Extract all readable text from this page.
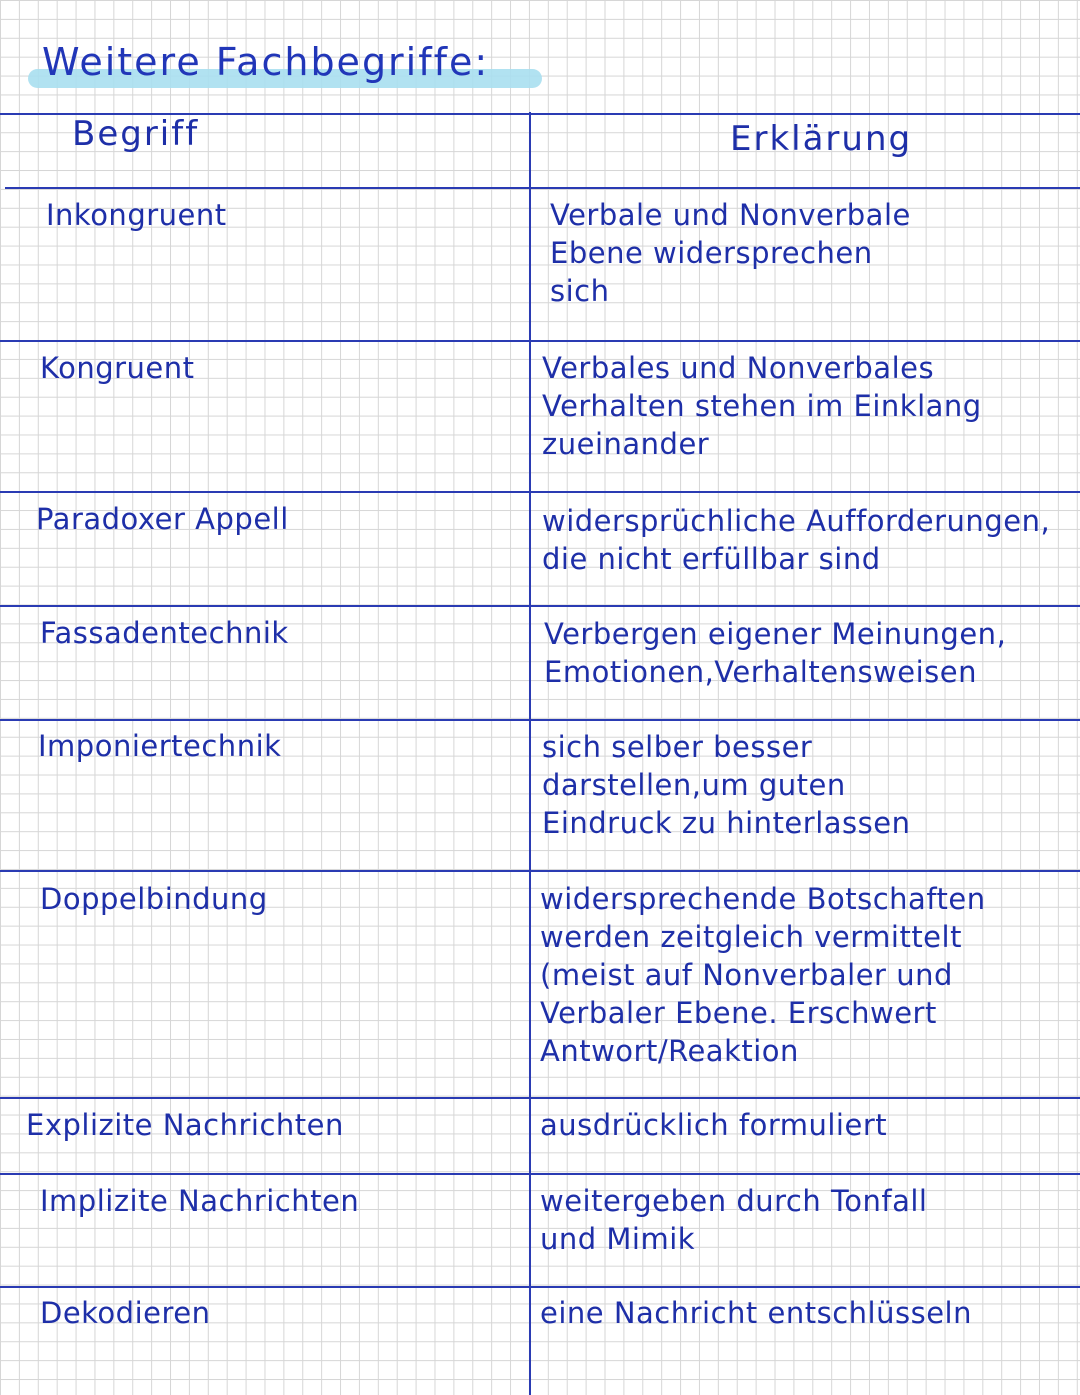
Weitere Fachbegriffe:
Begriff	Erklärung
Inkongruent	Verbale und Nonverbale
Ebene widersprechen
sich
Kongruent	Verbales und Nonverbales
Verhalten stehen im Einklang
zueinander
Paradoxer Appell	widersprüchliche Aufforderungen,
die nicht erfüllbar sind
Fassadentechnik	Verbergen eigener Meinungen,
Emotionen,Verhaltensweisen
Imponiertechnik	sich selber besser
darstellen,um guten
Eindruck zu hinterlassen
Doppelbindung	widersprechende Botschaften
werden zeitgleich vermittelt
(meist auf Nonverbaler und
Verbaler Ebene. Erschwert
Antwort/Reaktion
Explizite Nachrichten	ausdrücklich formuliert
Implizite Nachrichten	weitergeben durch Tonfall
und Mimik
Dekodieren	eine Nachricht entschlüsseln
